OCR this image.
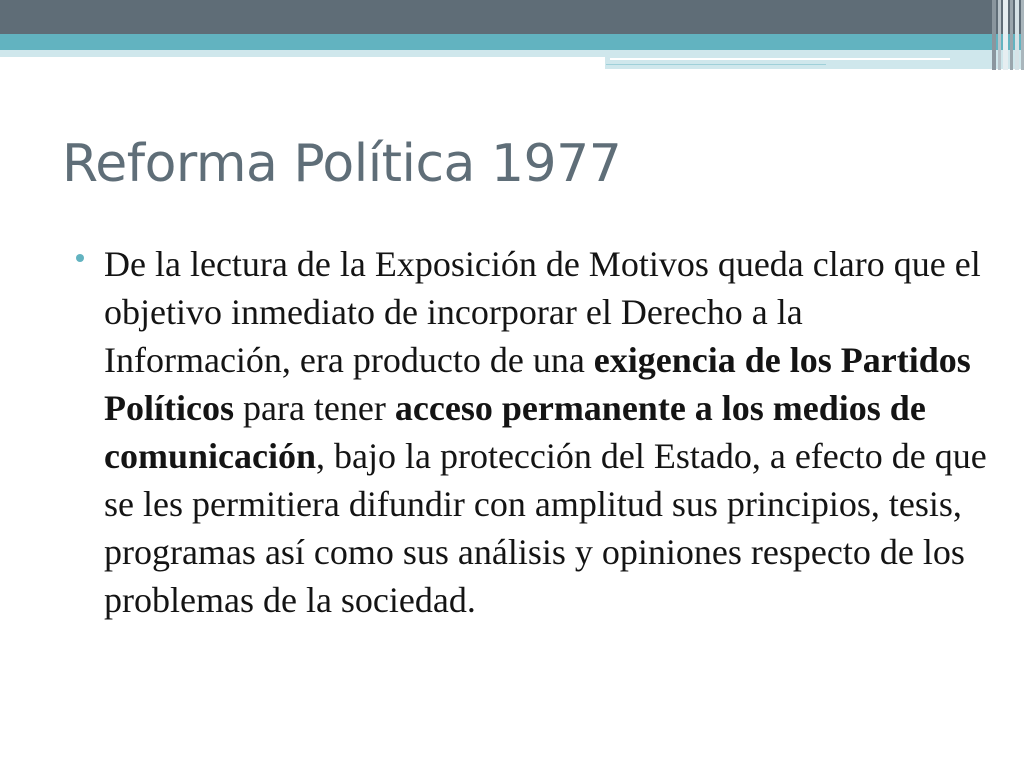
Reforma Política 1977

De la lectura de la Exposición de Motivos queda claro que el objetivo inmediato de incorporar el Derecho a la Información, era producto de una exigencia de los Partidos Políticos para tener acceso permanente a los medios de comunicación, bajo la protección del Estado, a efecto de que se les permitiera difundir con amplitud sus principios, tesis, programas así como sus análisis y opiniones respecto de los problemas de la sociedad.
